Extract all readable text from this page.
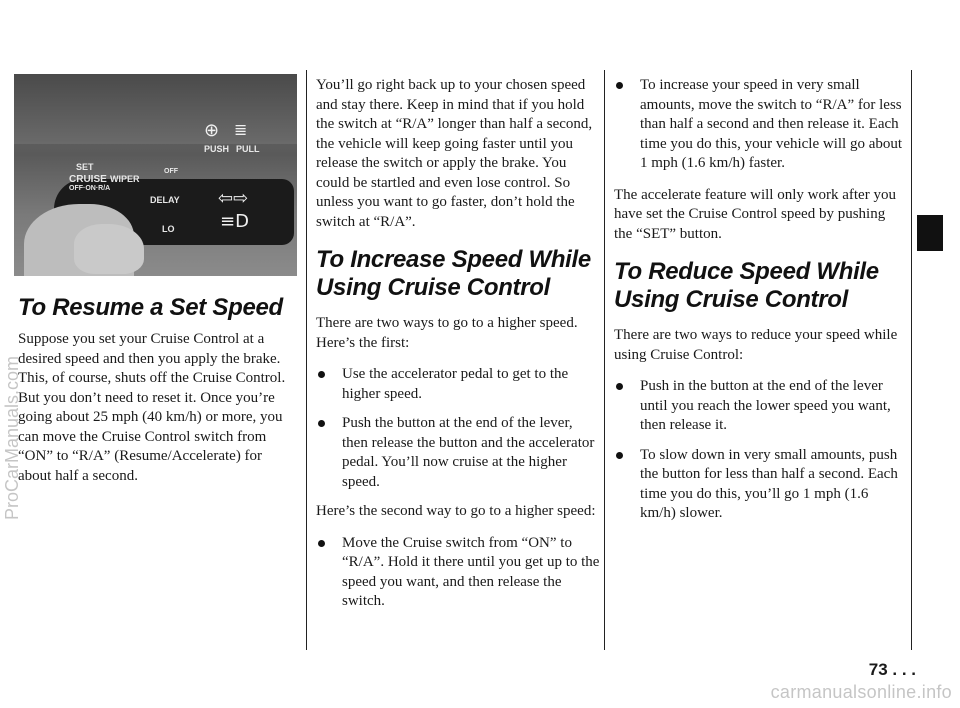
SET
CRUISE WIPER
OFF·ON·R/A
DELAY
OFF
LO
PUSH PULL
⊕ ≣
⇦⇨
≡D
To Resume a Set Speed

Suppose you set your Cruise Control at a desired speed and then you apply the brake. This, of course, shuts off the Cruise Control. But you don’t need to reset it. Once you’re going about 25 mph (40 km/h) or more, you can move the Cruise Control switch from “ON” to “R/A” (Resume/Accelerate) for about half a second.

You’ll go right back up to your chosen speed and stay there. Keep in mind that if you hold the switch at “R/A” longer than half a second, the vehicle will keep going faster until you release the switch or apply the brake. You could be startled and even lose control. So unless you want to go faster, don’t hold the switch at “R/A”.

To Increase Speed While Using Cruise Control

There are two ways to go to a higher speed. Here’s the first:

Use the accelerator pedal to get to the higher speed.
Push the button at the end of the lever, then release the button and the accelerator pedal. You’ll now cruise at the higher speed.

Here’s the second way to go to a higher speed:

Move the Cruise switch from “ON” to “R/A”. Hold it there until you get up to the speed you want, and then release the switch.
To increase your speed in very small amounts, move the switch to “R/A” for less than half a second and then release it. Each time you do this, your vehicle will go about 1 mph (1.6 km/h) faster.

The accelerate feature will only work after you have set the Cruise Control speed by pushing the “SET” button.

To Reduce Speed While Using Cruise Control

There are two ways to reduce your speed while using Cruise Control:

Push in the button at the end of the lever until you reach the lower speed you want, then release it.
To slow down in very small amounts, push the button for less than half a second. Each time you do this, you’ll go 1 mph (1.6 km/h) slower.
73 . . .
carmanualsonline.info
ProCarManuals.com
